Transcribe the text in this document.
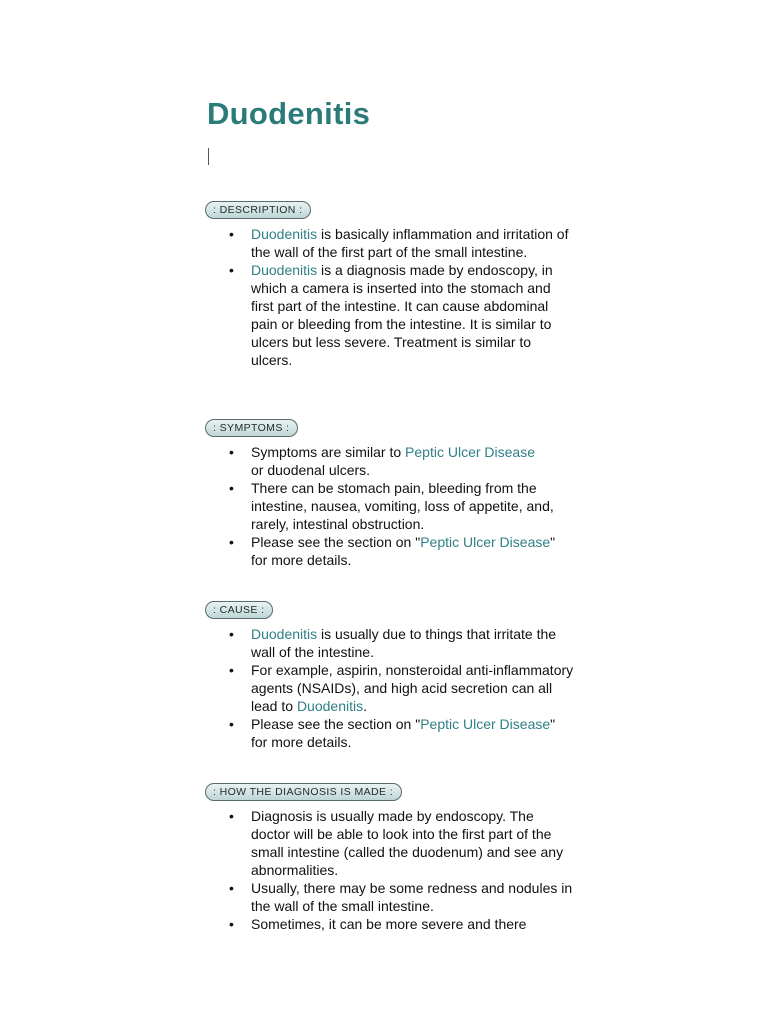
Duodenitis
: DESCRIPTION :
• Duodenitis is basically inflammation and irritation of the wall of the first part of the small intestine.
• Duodenitis is a diagnosis made by endoscopy, in which a camera is inserted into the stomach and first part of the intestine. It can cause abdominal pain or bleeding from the intestine. It is similar to ulcers but less severe. Treatment is similar to ulcers.
: SYMPTOMS :
• Symptoms are similar to Peptic Ulcer Disease
or duodenal ulcers.
• There can be stomach pain, bleeding from the intestine, nausea, vomiting, loss of appetite, and, rarely, intestinal obstruction.
• Please see the section on "Peptic Ulcer Disease" for more details.
: CAUSE :
• Duodenitis is usually due to things that irritate the wall of the intestine.
• For example, aspirin, nonsteroidal anti-inflammatory agents (NSAIDs), and high acid secretion can all lead to Duodenitis.
• Please see the section on "Peptic Ulcer Disease" for more details.
: HOW THE DIAGNOSIS IS MADE :
• Diagnosis is usually made by endoscopy. The doctor will be able to look into the first part of the small intestine (called the duodenum) and see any abnormalities.
• Usually, there may be some redness and nodules in the wall of the small intestine.
• Sometimes, it can be more severe and there
